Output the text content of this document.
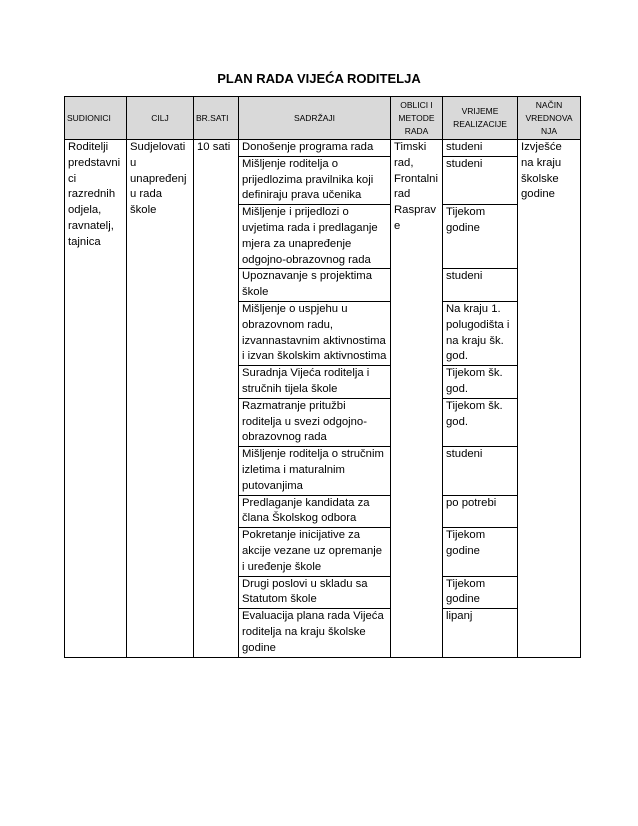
PLAN RADA VIJEĆA RODITELJA
SUDIONICI	CILJ	BR.SATI	SADRŽAJI	OBLICI I METODE RADA	VRIJEME REALIZACIJE	NAČIN VREDNOVA NJA
Roditelji predstavnici razrednih odjela, ravnatelj, tajnica	Sudjelovati u unapređenju rada škole	10 sati	Donošenje programa rada	Timski rad, Frontalni rad Rasprave	studeni	Izvješće na kraju školske godine
			Mišljenje roditelja o prijedlozima pravilnika koji definiraju prava učenika		studeni	
			Mišljenje i prijedlozi o uvjetima rada i predlaganje mjera za unapređenje odgojno-obrazovnog rada		Tijekom godine	
			Upoznavanje s projektima škole		studeni	
			Mišljenje o uspjehu u obrazovnom radu, izvannastavnim aktivnostima i izvan školskim aktivnostima		Na kraju 1. polugodišta i na kraju šk. god.	
			Suradnja Vijeća roditelja i stručnih tijela škole		Tijekom šk. god.	
			Razmatranje pritužbi roditelja u svezi odgojno-obrazovnog rada		Tijekom šk. god.	
			Mišljenje roditelja o stručnim izletima i maturalnim putovanjima		studeni	
			Predlaganje kandidata za člana Školskog odbora		po potrebi	
			Pokretanje inicijative za akcije vezane uz opremanje i uređenje škole		Tijekom godine	
			Drugi poslovi u skladu sa Statutom škole		Tijekom godine	
			Evaluacija plana rada Vijeća roditelja na kraju školske godine		lipanj	
